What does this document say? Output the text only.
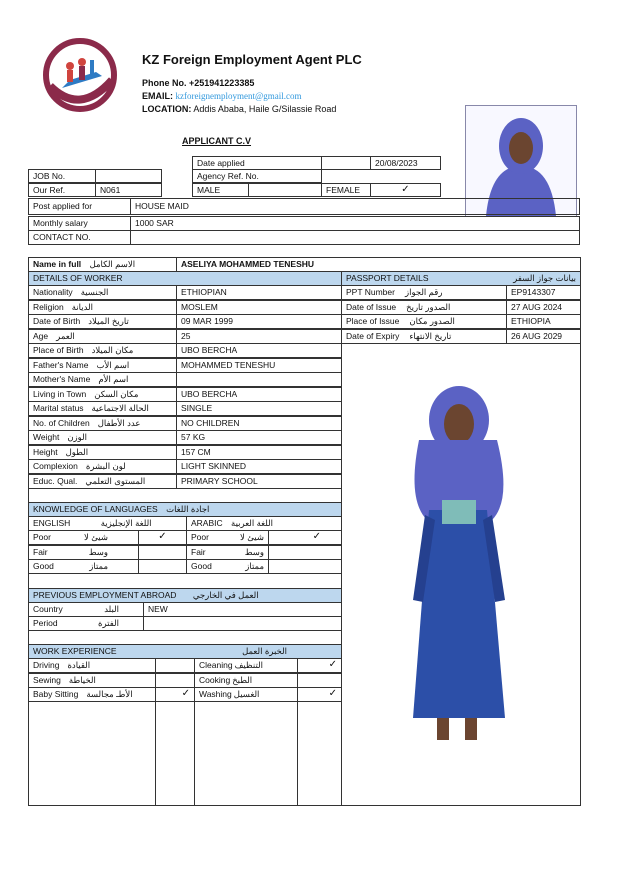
KZ Foreign Employment Agent PLC
Phone No. +251941223385
EMAIL: kzforeignemployment@gmail.com
LOCATION: Addis Ababa, Haile G/Silassie Road
APPLICANT C.V
Date applied	20/08/2023
Agency Ref. No.
JOB No.
Our Ref.	N061	MALE	FEMALE	✓
Post applied for	HOUSE MAID
Monthly salary	1000 SAR
CONTACT NO.
Name in full الاسم الكامل	ASELIYA MOHAMMED TENESHU
DETAILS OF WORKER	PASSPORT DETAILS	بيانات جواز السفر
Nationality الجنسية	ETHIOPIAN
Religion الديانة	MOSLEM
Date of Birth تاريخ الميلاد	09 MAR 1999
Age العمر	25
Place of Birth مكان الميلاد	UBO BERCHA
Father's Name اسم الأب	MOHAMMED TENESHU
Mother's Name اسم الأم
Living in Town مكان السكن	UBO BERCHA
Marital status الحالة الاجتماعية	SINGLE
No. of Children عدد الأطفال	NO CHILDREN
Weight الوزن	57 KG
Height الطول	157 CM
Complexion لون البشرة	LIGHT SKINNED
Educ. Qual. المستوى التعلمي	PRIMARY SCHOOL
PPT Number رقم الجواز	EP9143307
Date of Issue الصدور تاريخ	27 AUG 2024
Place of Issue الصدور مكان	ETHIOPIA
Date of Expiry تاريخ الانتهاء	26 AUG 2029
KNOWLEDGE OF LANGUAGES اجادة اللغات
ENGLISH	اللغة الإنجليزية	ARABIC اللغة العربية
Poor	شيئ لا	✓	Poor	شيئ لا	✓
Fair	وسط	Fair	وسط
Good	ممتاز	Good	ممتاز
PREVIOUS EMPLOYMENT ABROAD العمل في الخارجي
Country	البلد	NEW
Period	الفترة
WORK EXPERIENCE	الخبرة العمل
Driving القيادة	Cleaning التنظيف	✓
Sewing الخياطة	Cooking الطبخ
Baby Sitting الأطـ مجالسة	✓	Washing الغسيل	✓
